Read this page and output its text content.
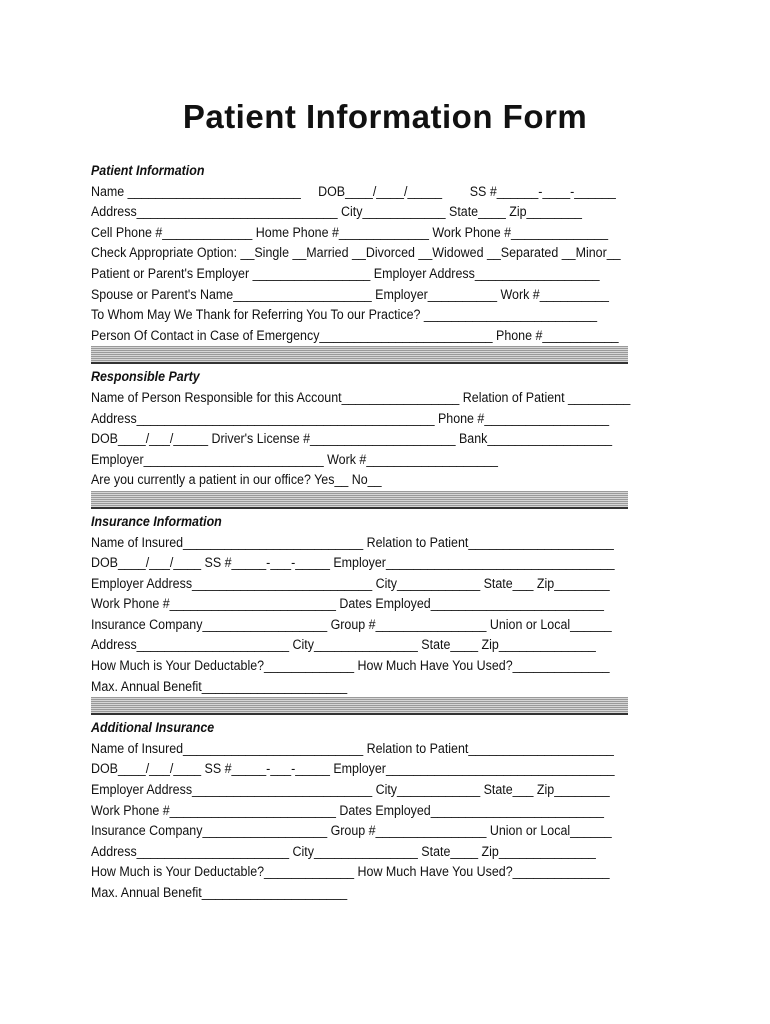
Patient Information Form
Patient Information
Name _________________________     DOB____/____/_____        SS #______-____-______
Address_____________________________ City____________ State____ Zip________
Cell Phone #_____________ Home Phone #_____________ Work Phone #______________
Check Appropriate Option: __Single __Married __Divorced __Widowed __Separated __Minor__
Patient or Parent's Employer _________________ Employer Address__________________
Spouse or Parent's Name____________________ Employer__________ Work #__________
To Whom May We Thank for Referring You To our Practice? _________________________
Person Of Contact in Case of Emergency_________________________ Phone #___________
Responsible Party
Name of Person Responsible for this Account_________________ Relation of Patient _________
Address___________________________________________ Phone #__________________
DOB____/___/_____ Driver's License #_____________________ Bank__________________
Employer__________________________ Work #___________________
Are you currently a patient in our office? Yes__ No__
Insurance Information
Name of Insured__________________________ Relation to Patient_____________________
DOB____/___/____ SS #_____-___-_____ Employer_________________________________
Employer Address__________________________ City____________ State___ Zip________
Work Phone #________________________ Dates Employed_________________________
Insurance Company__________________ Group #________________ Union or Local______
Address______________________ City_______________ State____ Zip______________
How Much is Your Deductable?_____________ How Much Have You Used?______________
Max. Annual Benefit_____________________
Additional Insurance
Name of Insured__________________________ Relation to Patient_____________________
DOB____/___/____ SS #_____-___-_____ Employer_________________________________
Employer Address__________________________ City____________ State___ Zip________
Work Phone #________________________ Dates Employed_________________________
Insurance Company__________________ Group #________________ Union or Local______
Address______________________ City_______________ State____ Zip______________
How Much is Your Deductable?_____________ How Much Have You Used?______________
Max. Annual Benefit_____________________
